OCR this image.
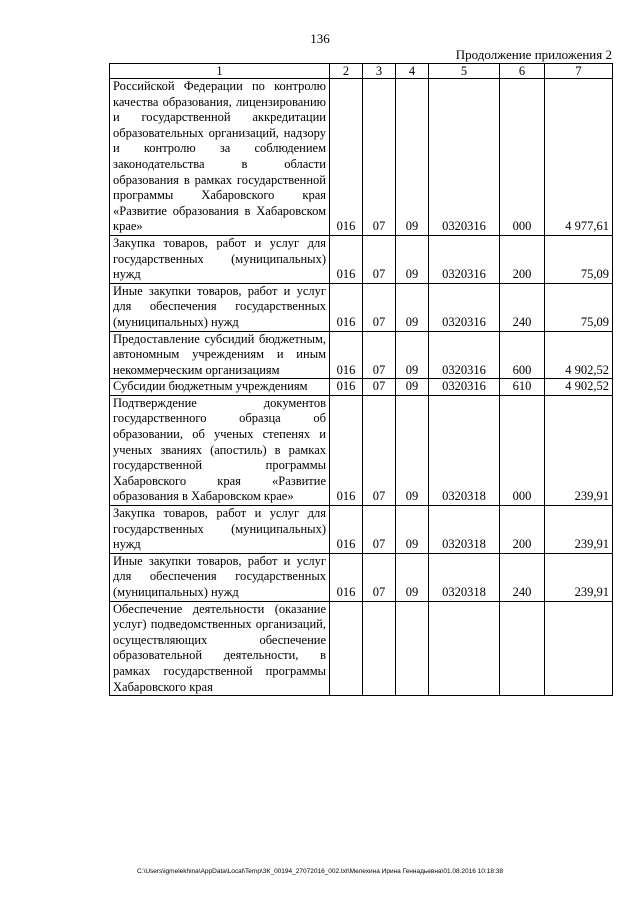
136
Продолжение приложения 2
1	2	3	4	5	6	7
Российской Федерации по контролю качества образования, лицензированию и государственной аккредитации образовательных организаций, надзору и контролю за соблюдением законодательства в области образования в рамках государственной программы Хабаровского края «Развитие образования в Хабаровском крае»	016	07	09	0320316	000	4 977,61
Закупка товаров, работ и услуг для государственных (муниципальных) нужд	016	07	09	0320316	200	75,09
Иные закупки товаров, работ и услуг для обеспечения государственных (муниципальных) нужд	016	07	09	0320316	240	75,09
Предоставление субсидий бюджетным, автономным учреждениям и иным некоммерческим организациям	016	07	09	0320316	600	4 902,52
Субсидии бюджетным учреждениям	016	07	09	0320316	610	4 902,52
Подтверждение документов государственного образца об образовании, об ученых степенях и ученых званиях (апостиль) в рамках государственной программы Хабаровского края «Развитие образования в Хабаровском крае»	016	07	09	0320318	000	239,91
Закупка товаров, работ и услуг для государственных (муниципальных) нужд	016	07	09	0320318	200	239,91
Иные закупки товаров, работ и услуг для обеспечения государственных (муниципальных) нужд	016	07	09	0320318	240	239,91
Обеспечение деятельности (оказание услуг) подведомственных организаций, осуществляющих обеспечение образовательной деятельности, в рамках государственной программы Хабаровского края						
C:\Users\igmelekhina\AppData\Local\Temp\ЗК_00194_27072016_002.txt\Мелехина Ирина Геннадьевна\01.08.2016 10:18:38
